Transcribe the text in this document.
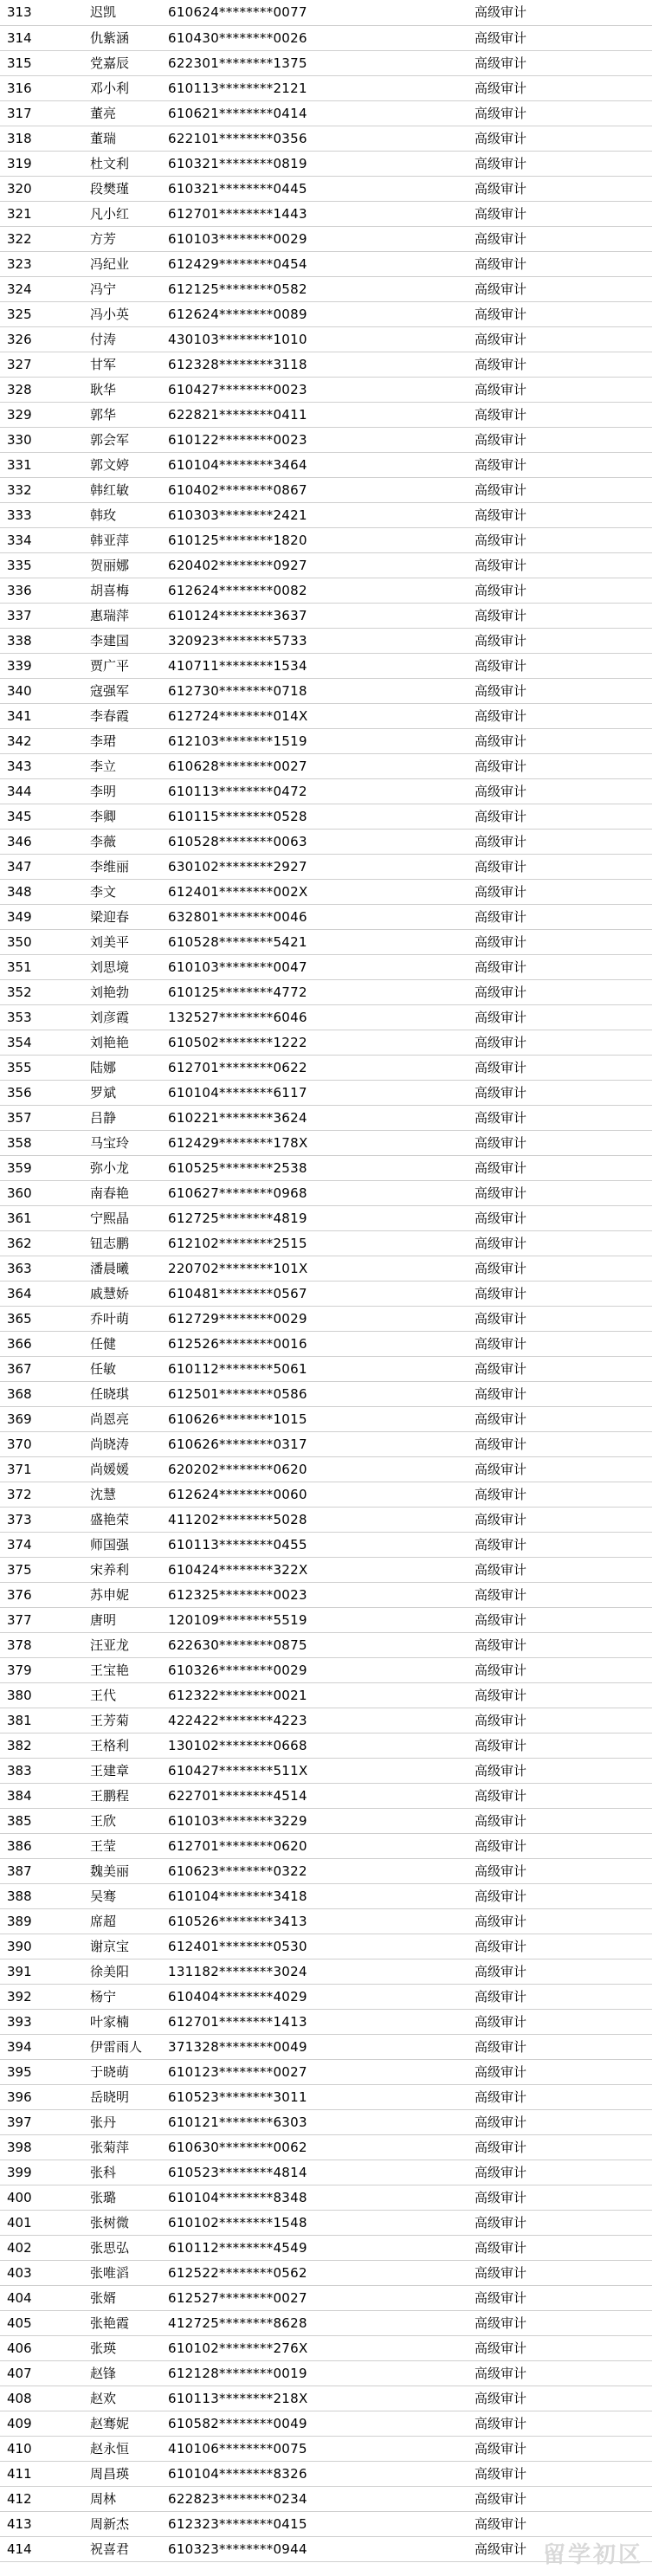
313	迟凯	610624********0077	高级审计
314	仇紫涵	610430********0026	高级审计
315	党嘉辰	622301********1375	高级审计
316	邓小利	610113********2121	高级审计
317	董亮	610621********0414	高级审计
318	董瑞	622101********0356	高级审计
319	杜文利	610321********0819	高级审计
320	段樊瑾	610321********0445	高级审计
321	凡小红	612701********1443	高级审计
322	方芳	610103********0029	高级审计
323	冯纪业	612429********0454	高级审计
324	冯宁	612125********0582	高级审计
325	冯小英	612624********0089	高级审计
326	付涛	430103********1010	高级审计
327	甘军	612328********3118	高级审计
328	耿华	610427********0023	高级审计
329	郭华	622821********0411	高级审计
330	郭会军	610122********0023	高级审计
331	郭文婷	610104********3464	高级审计
332	韩红敏	610402********0867	高级审计
333	韩玫	610303********2421	高级审计
334	韩亚萍	610125********1820	高级审计
335	贺丽娜	620402********0927	高级审计
336	胡喜梅	612624********0082	高级审计
337	惠瑞萍	610124********3637	高级审计
338	李建国	320923********5733	高级审计
339	贾广平	410711********1534	高级审计
340	寇强军	612730********0718	高级审计
341	李春霞	612724********014X	高级审计
342	李珺	612103********1519	高级审计
343	李立	610628********0027	高级审计
344	李明	610113********0472	高级审计
345	李卿	610115********0528	高级审计
346	李薇	610528********0063	高级审计
347	李维丽	630102********2927	高级审计
348	李文	612401********002X	高级审计
349	梁迎春	632801********0046	高级审计
350	刘美平	610528********5421	高级审计
351	刘思境	610103********0047	高级审计
352	刘艳勃	610125********4772	高级审计
353	刘彦霞	132527********6046	高级审计
354	刘艳艳	610502********1222	高级审计
355	陆娜	612701********0622	高级审计
356	罗斌	610104********6117	高级审计
357	吕静	610221********3624	高级审计
358	马宝玲	612429********178X	高级审计
359	弥小龙	610525********2538	高级审计
360	南春艳	610627********0968	高级审计
361	宁熙晶	612725********4819	高级审计
362	钮志鹏	612102********2515	高级审计
363	潘晨曦	220702********101X	高级审计
364	戚慧娇	610481********0567	高级审计
365	乔叶萌	612729********0029	高级审计
366	任健	612526********0016	高级审计
367	任敏	610112********5061	高级审计
368	任晓琪	612501********0586	高级审计
369	尚恩亮	610626********1015	高级审计
370	尚晓涛	610626********0317	高级审计
371	尚媛媛	620202********0620	高级审计
372	沈慧	612624********0060	高级审计
373	盛艳荣	411202********5028	高级审计
374	师国强	610113********0455	高级审计
375	宋养利	610424********322X	高级审计
376	苏申妮	612325********0023	高级审计
377	唐明	120109********5519	高级审计
378	汪亚龙	622630********0875	高级审计
379	王宝艳	610326********0029	高级审计
380	王代	612322********0021	高级审计
381	王芳菊	422422********4223	高级审计
382	王格利	130102********0668	高级审计
383	王建章	610427********511X	高级审计
384	王鹏程	622701********4514	高级审计
385	王欣	610103********3229	高级审计
386	王莹	612701********0620	高级审计
387	魏美丽	610623********0322	高级审计
388	吴骞	610104********3418	高级审计
389	席超	610526********3413	高级审计
390	谢京宝	612401********0530	高级审计
391	徐美阳	131182********3024	高级审计
392	杨宁	610404********4029	高级审计
393	叶家楠	612701********1413	高级审计
394	伊雷雨人	371328********0049	高级审计
395	于晓萌	610123********0027	高级审计
396	岳晓明	610523********3011	高级审计
397	张丹	610121********6303	高级审计
398	张菊萍	610630********0062	高级审计
399	张科	610523********4814	高级审计
400	张璐	610104********8348	高级审计
401	张树微	610102********1548	高级审计
402	张思弘	610112********4549	高级审计
403	张唯滔	612522********0562	高级审计
404	张婿	612527********0027	高级审计
405	张艳霞	412725********8628	高级审计
406	张瑛	610102********276X	高级审计
407	赵锋	612128********0019	高级审计
408	赵欢	610113********218X	高级审计
409	赵骞妮	610582********0049	高级审计
410	赵永恒	410106********0075	高级审计
411	周昌瑛	610104********8326	高级审计
412	周林	622823********0234	高级审计
413	周新杰	612323********0415	高级审计
414	祝喜君	610323********0944	高级审计 留学初区
